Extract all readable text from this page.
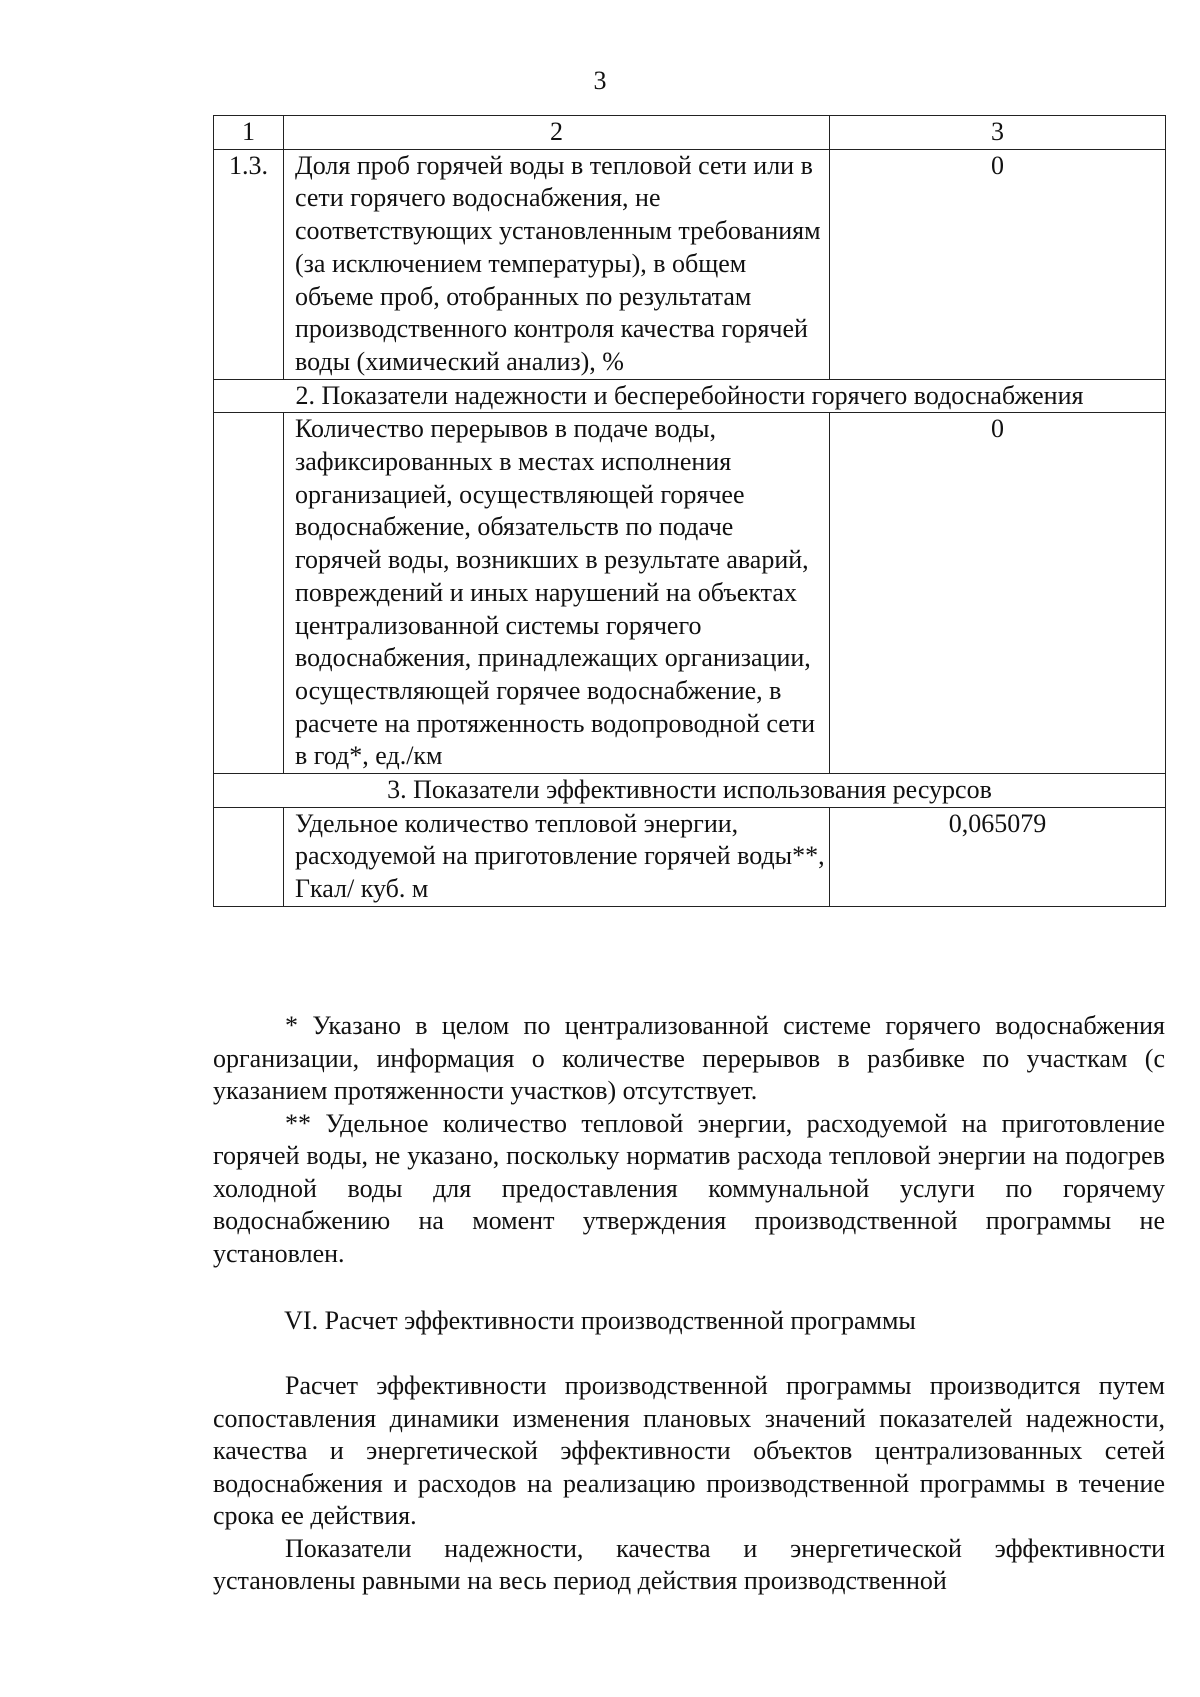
3
1	2	3
1.3.	Доля проб горячей воды в тепловой сети или в сети горячего водоснабжения, не соответствующих установленным требованиям (за исключением температуры), в общем объеме проб, отобранных по результатам производственного контроля качества горячей воды (химический анализ), %	0
2. Показатели надежности и бесперебойности горячего водоснабжения		
	Количество перерывов в подаче воды, зафиксированных в местах исполнения организацией, осуществляющей горячее водоснабжение, обязательств по подаче горячей воды, возникших в результате аварий, повреждений и иных нарушений на объектах централизованной системы горячего водоснабжения, принадлежащих организации, осуществляющей горячее водоснабжение, в расчете на протяженность водопроводной сети в год*, ед./км	0
3. Показатели эффективности использования ресурсов		
	Удельное количество тепловой энергии, расходуемой на приготовление горячей воды**, Гкал/ куб. м	0,065079

* Указано в целом по централизованной системе горячего водоснабжения организации, информация о количестве перерывов в разбивке по участкам (с указанием протяженности участков) отсутствует.

** Удельное количество тепловой энергии, расходуемой на приготовление горячей воды, не указано, поскольку норматив расхода тепловой энергии на подогрев холодной воды для предоставления коммунальной услуги по горячему водоснабжению на момент утверждения производственной программы не установлен.

VI. Расчет эффективности производственной программы

Расчет эффективности производственной программы производится путем сопоставления динамики изменения плановых значений показателей надежности, качества и энергетической эффективности объектов централизованных сетей водоснабжения и расходов на реализацию производственной программы в течение срока ее действия.

Показатели надежности, качества и энергетической эффективности установлены равными на весь период действия производственной
